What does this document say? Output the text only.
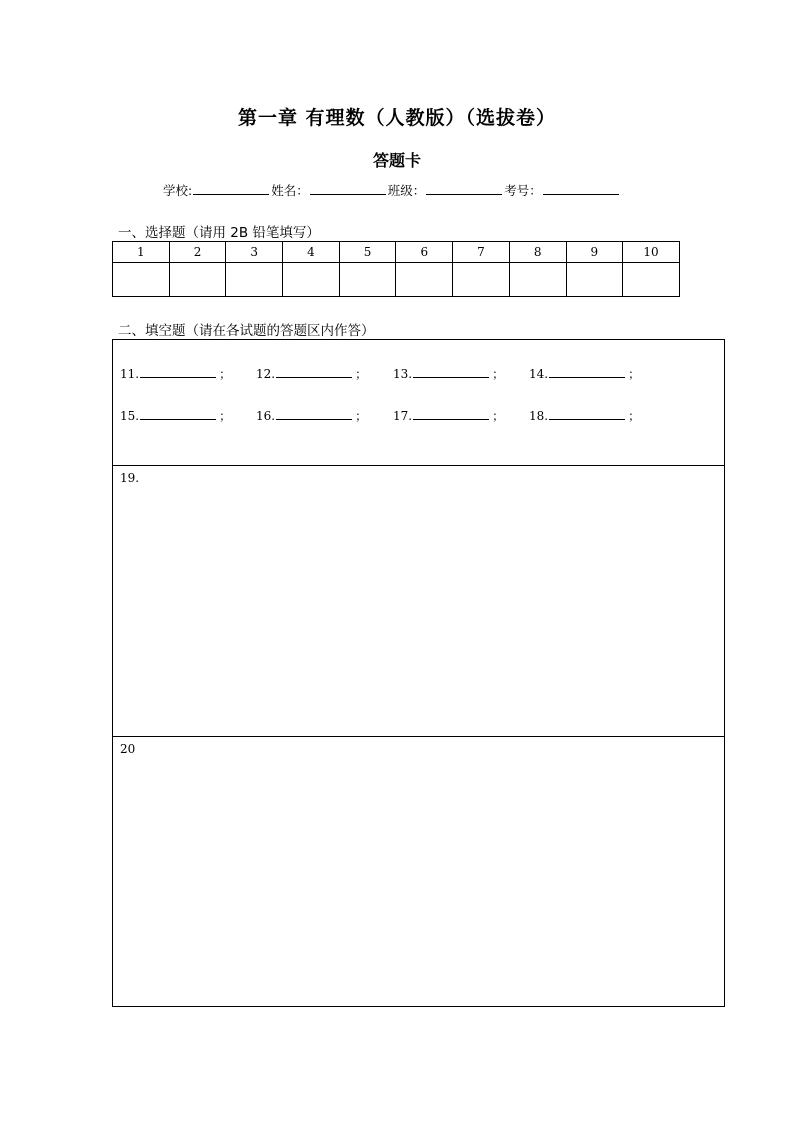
第一章 有理数（人教版）（选拔卷）
答题卡
学校:	姓名：	班级：	考号：
一、选择题（请用 2B 铅笔填写）
1	2	3	4	5	6	7	8	9	10

二、填空题（请在各试题的答题区内作答）
11.	； 12.	； 13.	； 14.	；
15.	； 16.	； 17.	； 18.	；
19.
20
